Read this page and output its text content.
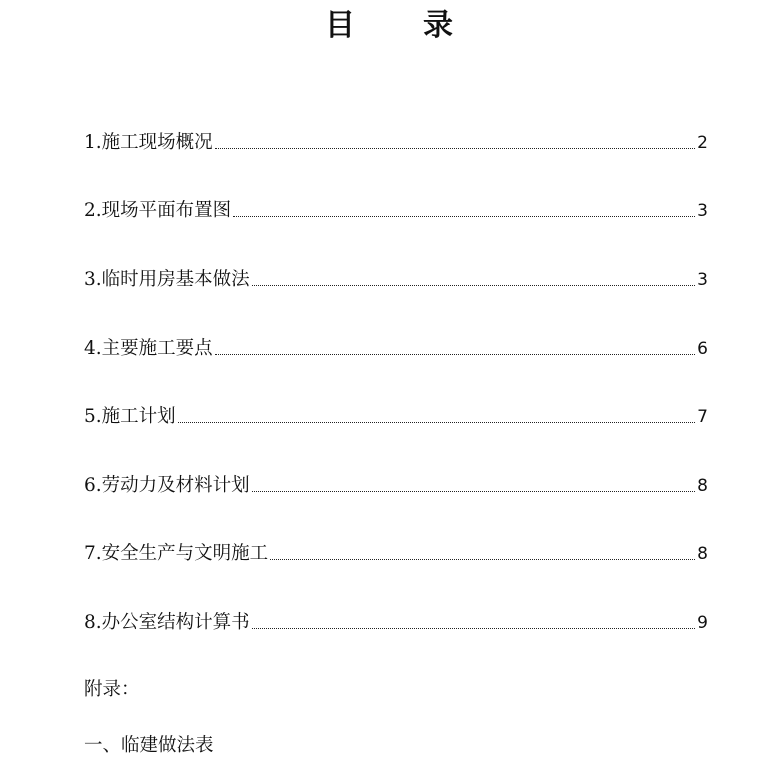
目 录
1.施工现场概况	2
2.现场平面布置图	3
3.临时用房基本做法	3
4.主要施工要点	6
5.施工计划	7
6.劳动力及材料计划	8
7.安全生产与文明施工	8
8.办公室结构计算书	9
附录：
一、临建做法表
